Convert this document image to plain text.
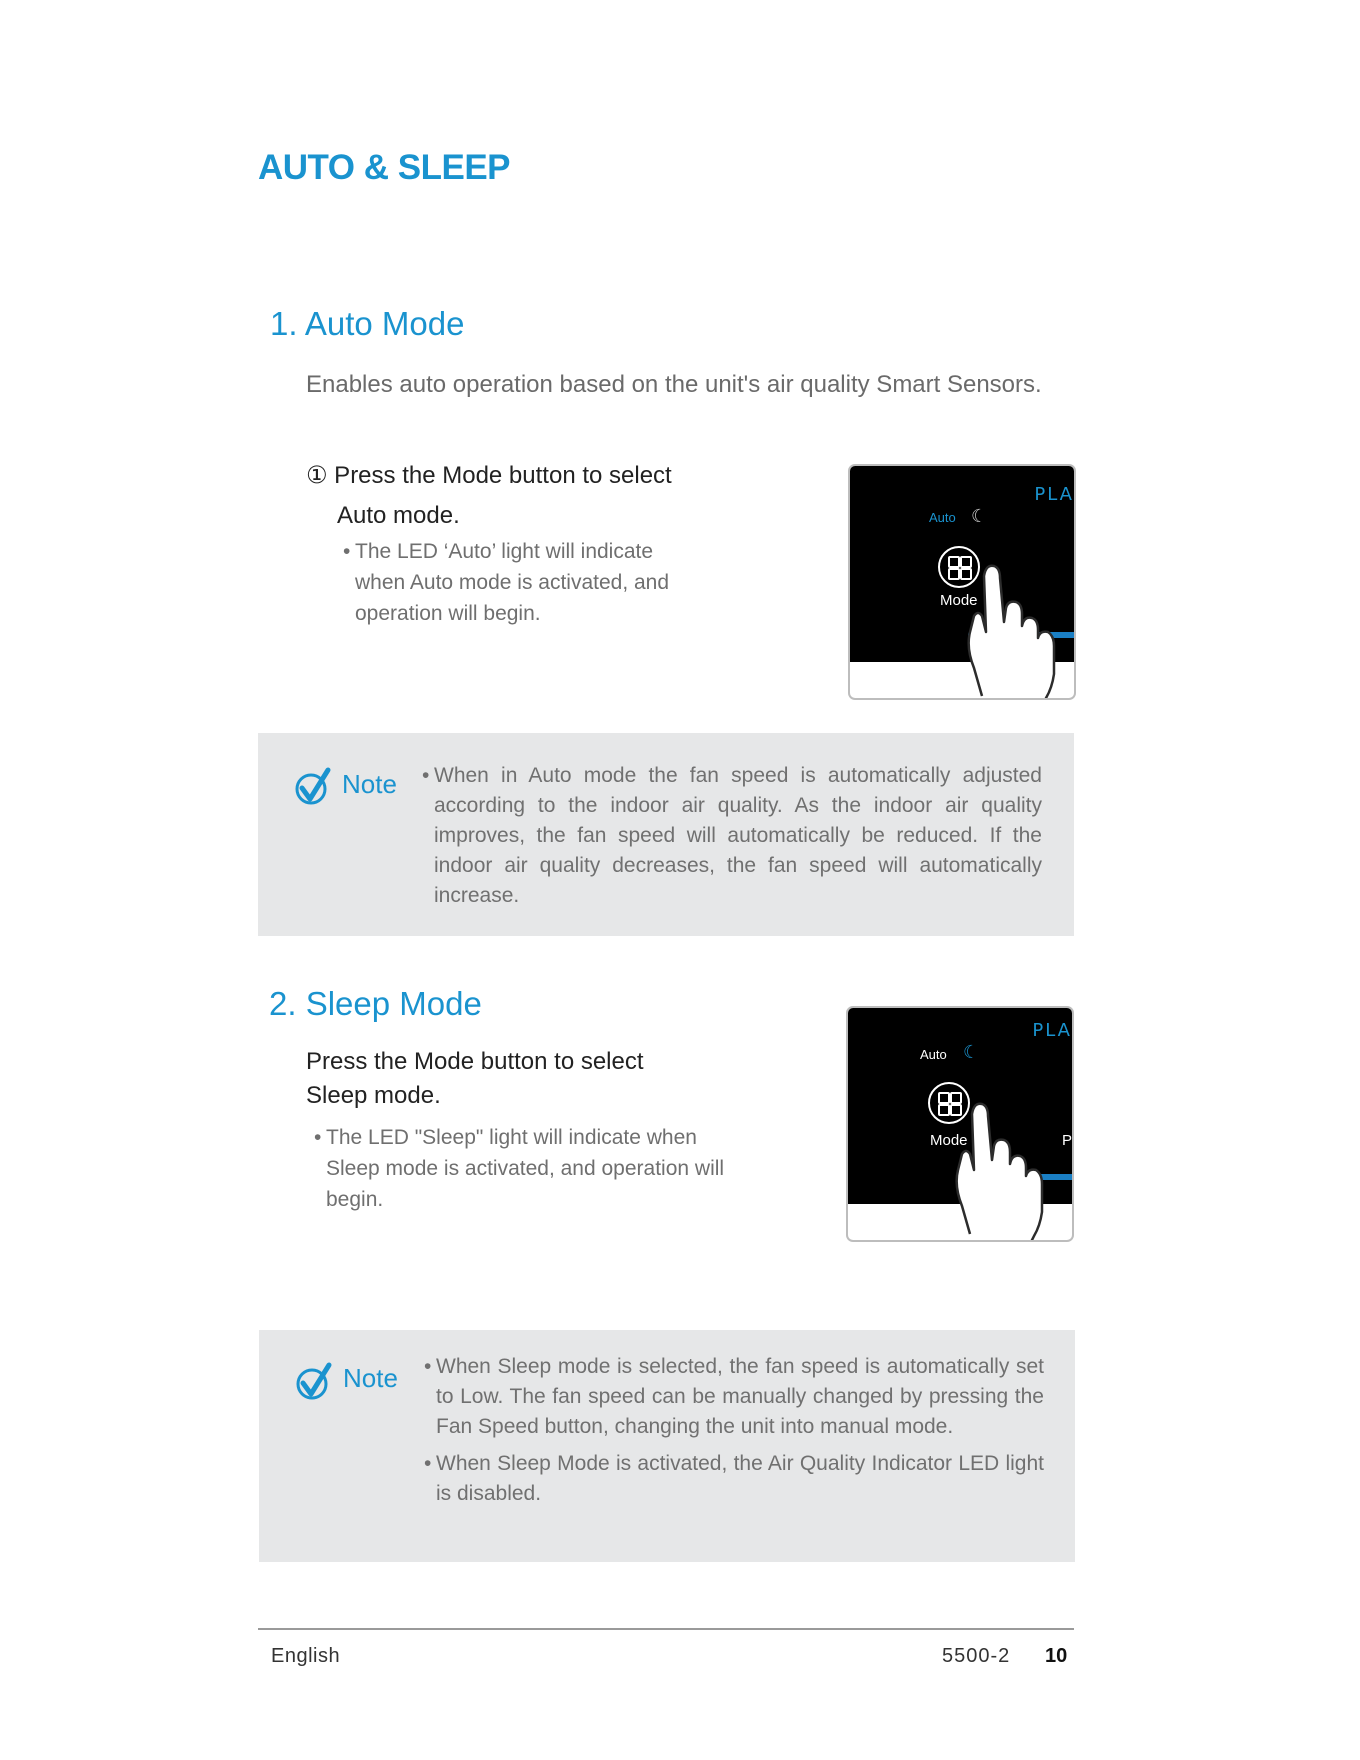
AUTO & SLEEP
1. Auto Mode
Enables auto operation based on the unit's air quality Smart Sensors.
① Press the Mode button to select
Auto mode.
• The LED ‘Auto’ light will indicate
when Auto mode is activated, and
operation will begin.
PLA
Auto ☾
Mode
Note • When in Auto mode the fan speed is automatically adjusted according to the indoor air quality. As the indoor air quality improves, the fan speed will automatically be reduced. If the indoor air quality decreases, the fan speed will automatically increase.
2. Sleep Mode
Press the Mode button to select
Sleep mode.
• The LED "Sleep" light will indicate when
Sleep mode is activated, and operation will
begin.
PLA
Auto ☾
Mode	P
Note • When Sleep mode is selected, the fan speed is automatically set to Low. The fan speed can be manually changed by pressing the Fan Speed button, changing the unit into manual mode.
• When Sleep Mode is activated, the Air Quality Indicator LED light is disabled.
English	5500-2 10
